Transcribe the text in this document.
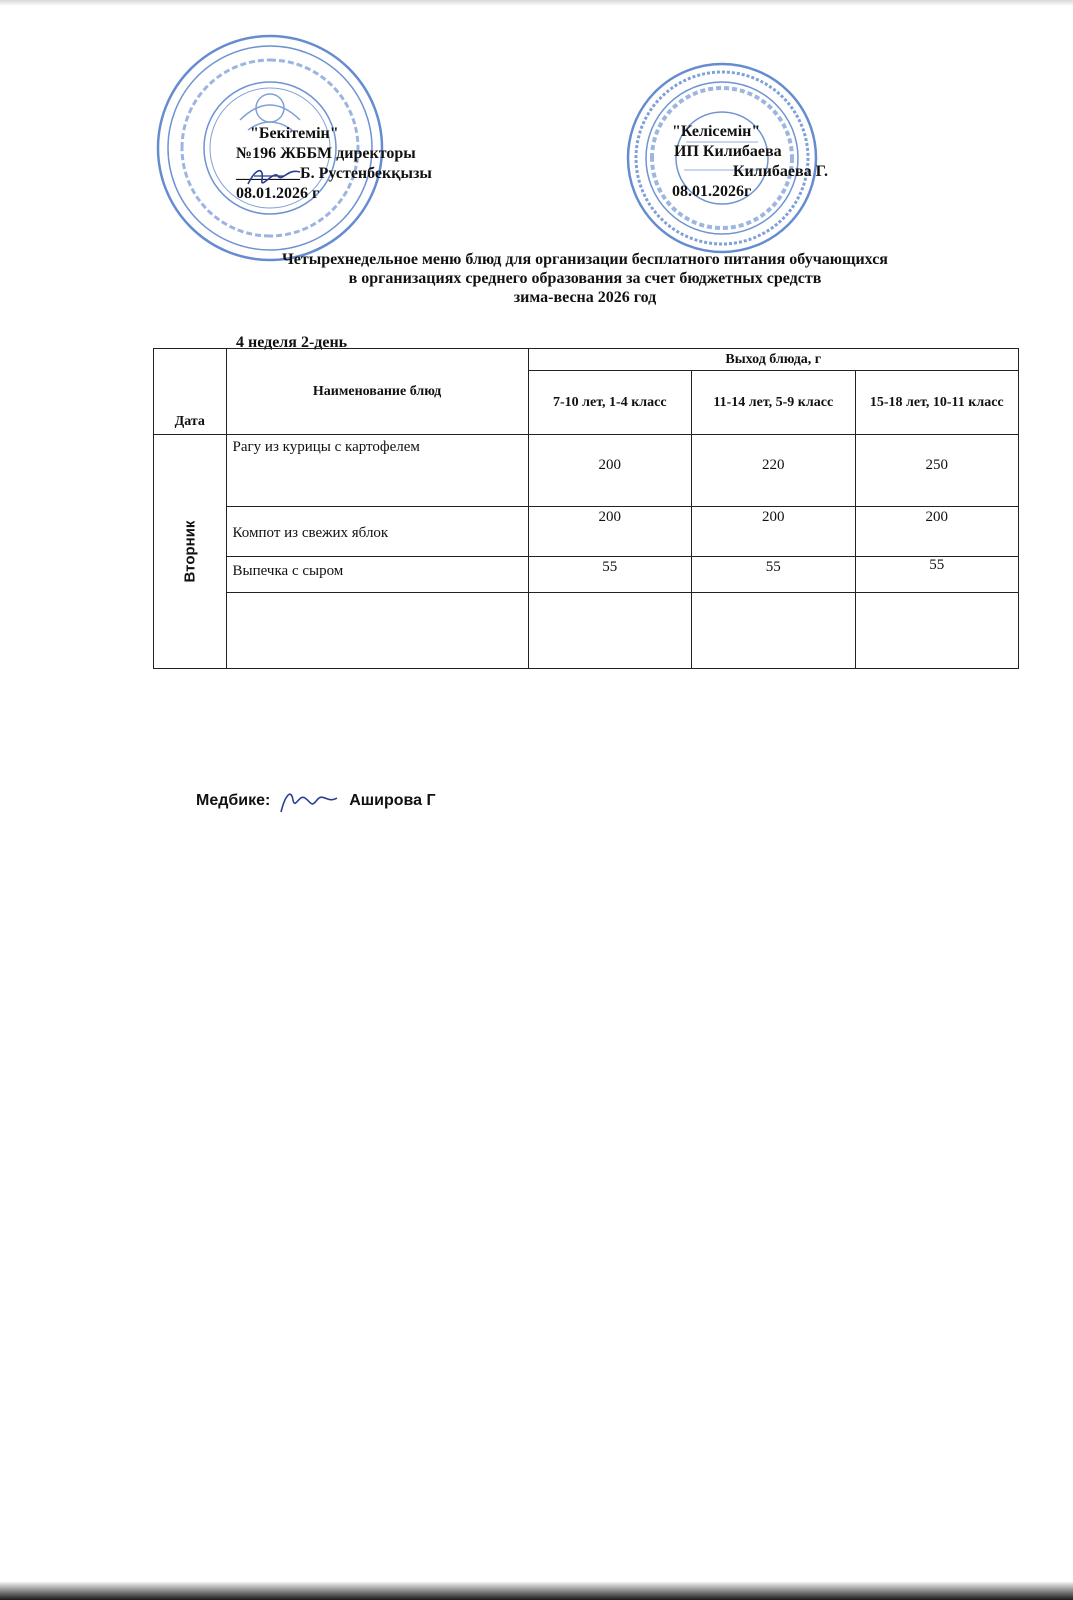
"Бекітемін"
№196 ЖББМ директоры
________Б. Рустенбекқызы
08.01.2026 г
"Келісемін"
ИП Килибаева
Килибаева Г.
08.01.2026г
Четырехнедельное меню блюд для организации бесплатного питания обучающихся
в организациях среднего образования за счет бюджетных средств
зима-весна 2026 год
4 неделя 2-день
Дата	Наименование блюд	Выход блюда, г		

		7-10 лет, 1-4 класс	11-14 лет, 5-9 класс	15-18 лет, 10-11 класс

Вторник	Рагу из курицы с картофелем	200	220	250
	Компот из свежих яблок	200	200	200
	Выпечка с сыром	55	55	55

Медбике:	Аширова Г
